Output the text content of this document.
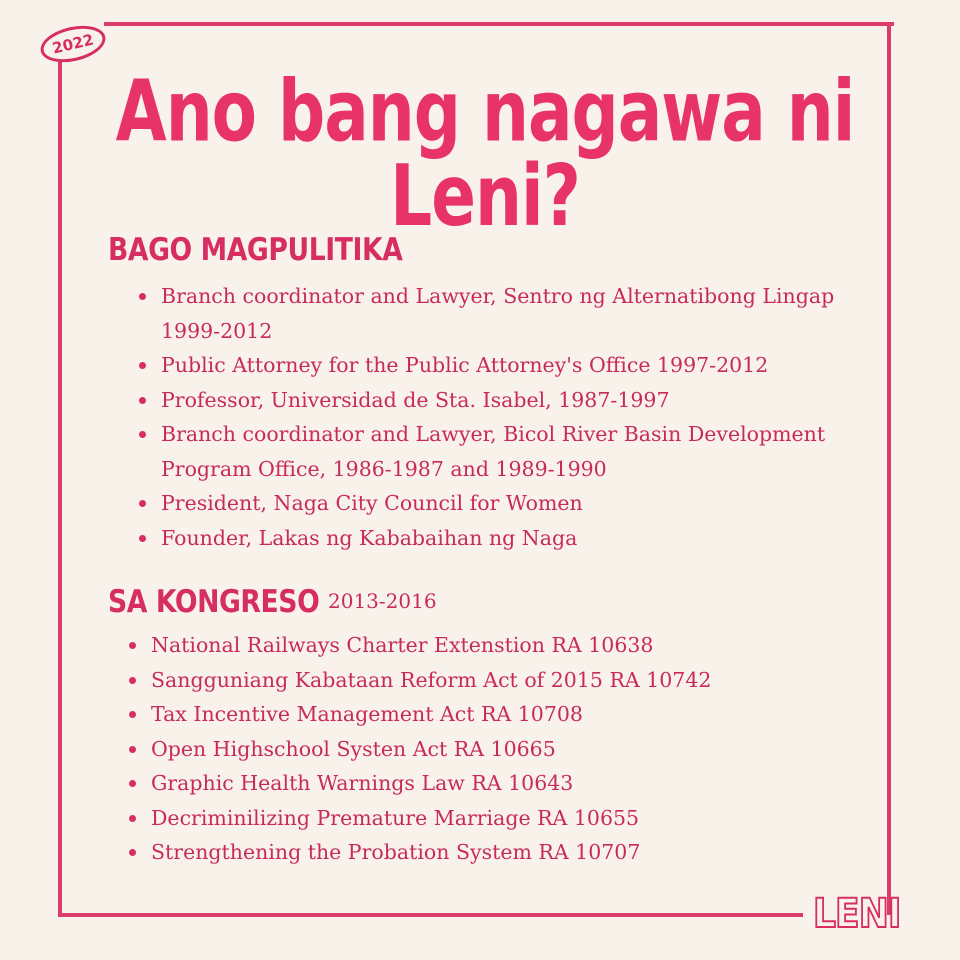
2022
Ano bang nagawa ni Leni?
BAGO MAGPULITIKA
Branch coordinator and Lawyer, Sentro ng Alternatibong Lingap 1999-2012
Public Attorney for the Public Attorney's Office 1997-2012
Professor, Universidad de Sta. Isabel, 1987-1997
Branch coordinator and Lawyer, Bicol River Basin Development Program Office, 1986-1987 and 1989-1990
President, Naga City Council for Women
Founder, Lakas ng Kababaihan ng Naga
SA KONGRESO 2013-2016
National Railways Charter Extenstion RA 10638
Sangguniang Kabataan Reform Act of 2015 RA 10742
Tax Incentive Management Act RA 10708
Open Highschool Systen Act RA 10665
Graphic Health Warnings Law RA 10643
Decriminilizing Premature Marriage RA 10655
Strengthening the Probation System RA 10707
LENI
